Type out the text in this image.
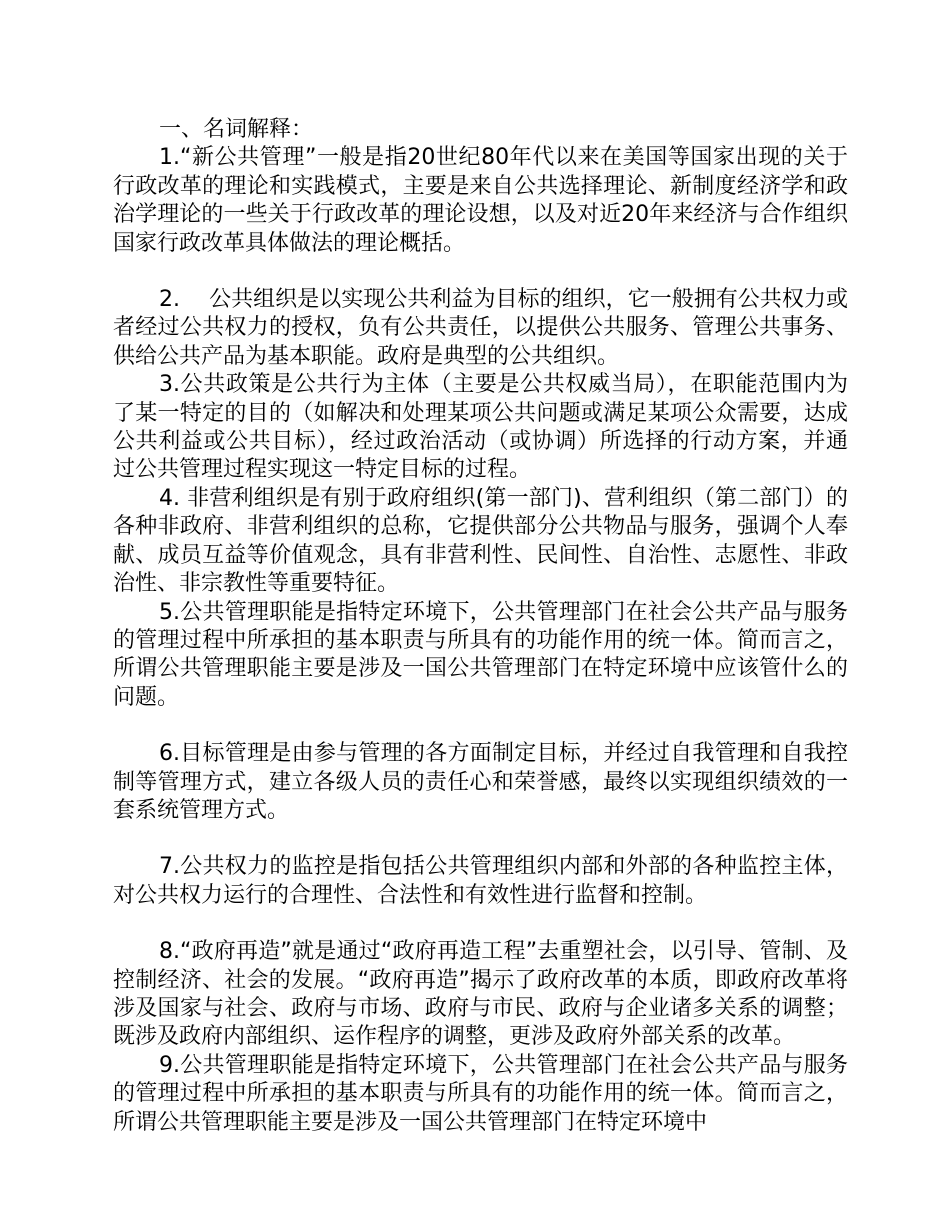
一、名词解释：

1.“新公共管理”一般是指20世纪80年代以来在美国等国家出现的关于行政改革的理论和实践模式，主要是来自公共选择理论、新制度经济学和政治学理论的一些关于行政改革的理论设想，以及对近20年来经济与合作组织国家行政改革具体做法的理论概括。

2.　 公共组织是以实现公共利益为目标的组织，它一般拥有公共权力或者经过公共权力的授权，负有公共责任，以提供公共服务、管理公共事务、供给公共产品为基本职能。政府是典型的公共组织。

3.公共政策是公共行为主体（主要是公共权威当局），在职能范围内为了某一特定的目的（如解决和处理某项公共问题或满足某项公众需要，达成公共利益或公共目标），经过政治活动（或协调）所选择的行动方案，并通过公共管理过程实现这一特定目标的过程。

4. 非营利组织是有别于政府组织(第一部门)、营利组织（第二部门）的各种非政府、非营利组织的总称，它提供部分公共物品与服务，强调个人奉献、成员互益等价值观念，具有非营利性、民间性、自治性、志愿性、非政治性、非宗教性等重要特征。

5.公共管理职能是指特定环境下，公共管理部门在社会公共产品与服务的管理过程中所承担的基本职责与所具有的功能作用的统一体。简而言之，所谓公共管理职能主要是涉及一国公共管理部门在特定环境中应该管什么的问题。

6.目标管理是由参与管理的各方面制定目标，并经过自我管理和自我控制等管理方式，建立各级人员的责任心和荣誉感，最终以实现组织绩效的一套系统管理方式。

7.公共权力的监控是指包括公共管理组织内部和外部的各种监控主体，对公共权力运行的合理性、合法性和有效性进行监督和控制。

8.“政府再造”就是通过“政府再造工程”去重塑社会，以引导、管制、及控制经济、社会的发展。“政府再造”揭示了政府改革的本质，即政府改革将涉及国家与社会、政府与市场、政府与市民、政府与企业诸多关系的调整；既涉及政府内部组织、运作程序的调整，更涉及政府外部关系的改革。

9.公共管理职能是指特定环境下，公共管理部门在社会公共产品与服务的管理过程中所承担的基本职责与所具有的功能作用的统一体。简而言之，所谓公共管理职能主要是涉及一国公共管理部门在特定环境中
